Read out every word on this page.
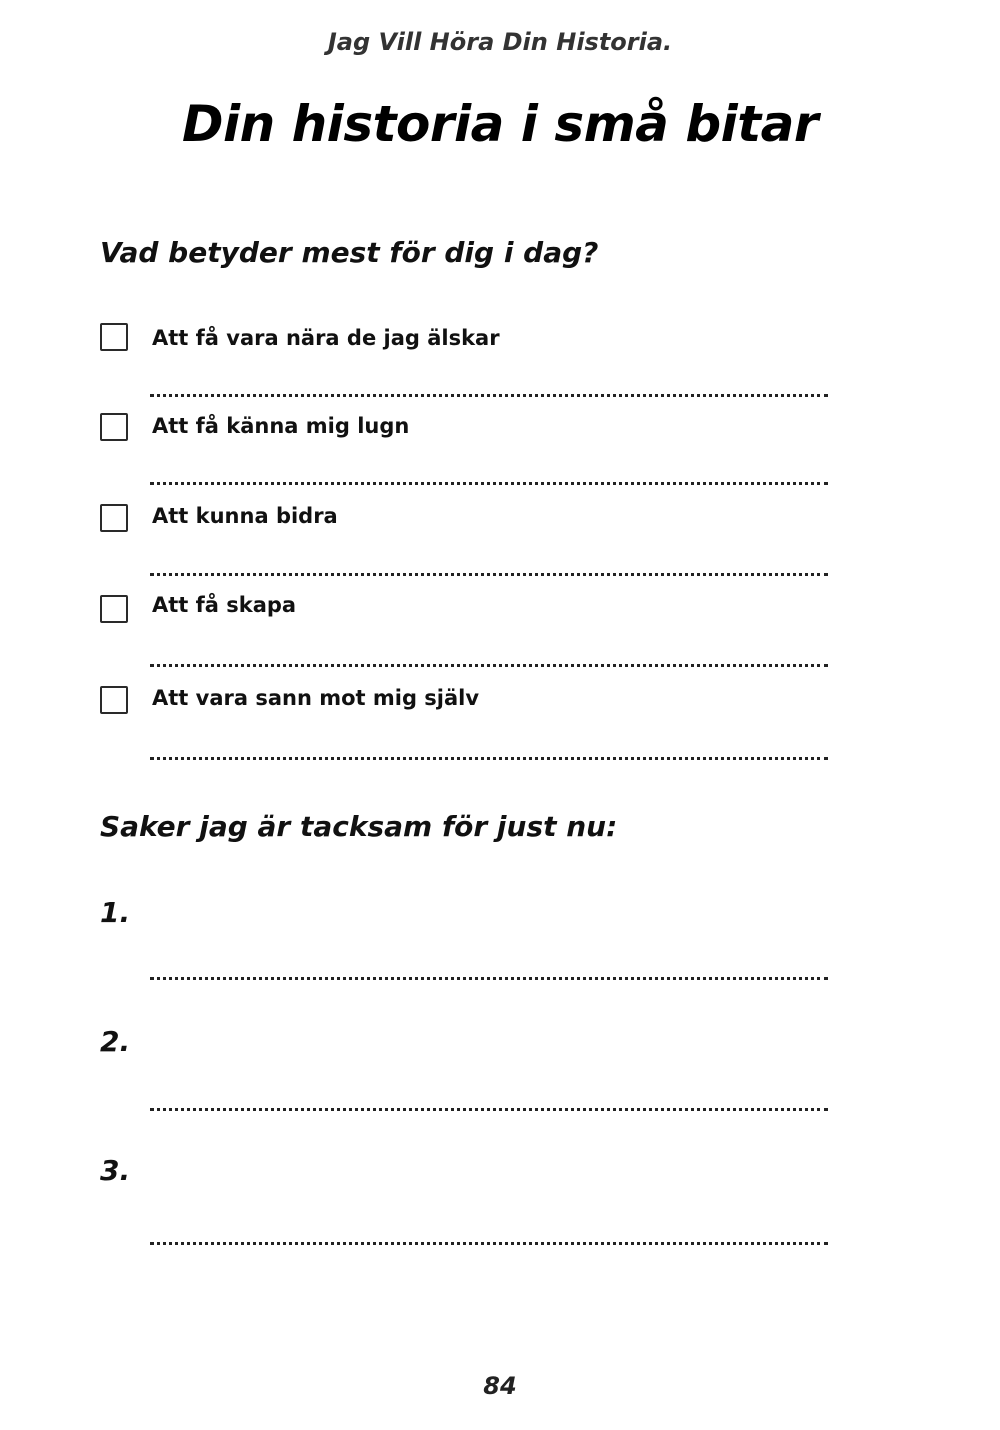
Jag Vill Höra Din Historia.
Din historia i små bitar
Vad betyder mest för dig i dag?
Att få vara nära de jag älskar
Att få känna mig lugn
Att kunna bidra
Att få skapa
Att vara sann mot mig själv
Saker jag är tacksam för just nu:
1.
2.
3.
84
